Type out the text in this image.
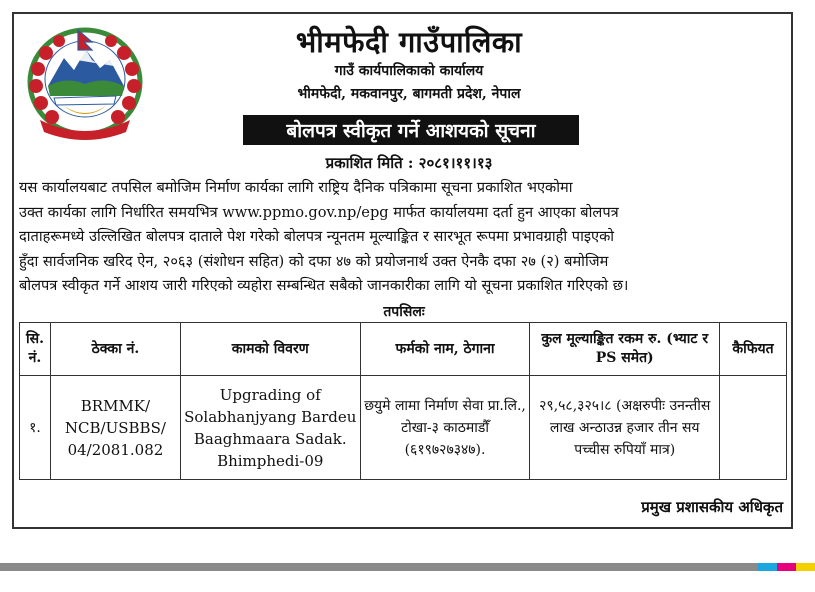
भीमफेदी गाउँपालिका
गाउँ कार्यपालिकाको कार्यालय
भीमफेदी, मकवानपुर, बागमती प्रदेश, नेपाल
बोलपत्र स्वीकृत गर्ने आशयको सूचना
प्रकाशित मिति : २०८१।११।१३
यस कार्यालयबाट तपसिल बमोजिम निर्माण कार्यका लागि राष्ट्रिय दैनिक पत्रिकामा सूचना प्रकाशित भएकोमा
उक्त कार्यका लागि निर्धारित समयभित्र www.ppmo.gov.np/epg मार्फत कार्यालयमा दर्ता हुन आएका बोलपत्र
दाताहरूमध्ये उल्लिखित बोलपत्र दाताले पेश गरेको बोलपत्र न्यूनतम मूल्याङ्कित र सारभूत रूपमा प्रभावग्राही पाइएको
हुँदा सार्वजनिक खरिद ऐन, २०६३ (संशोधन सहित) को दफा ४७ को प्रयोजनार्थ उक्त ऐनकै दफा २७ (२) बमोजिम
बोलपत्र स्वीकृत गर्ने आशय जारी गरिएको व्यहोरा सम्बन्धित सबैको जानकारीका लागि यो सूचना प्रकाशित गरिएको छ।
तपसिलः
सि. नं.	ठेक्का नं.	कामको विवरण	फर्मको नाम, ठेगाना	कुल मूल्याङ्कित रकम रु. (भ्याट र PS समेत)	कैफियत
१.	BRMMK/ NCB/USBBS/ 04/2081.082	Upgrading of Solabhanjyang Bardeu Baaghmaara Sadak. Bhimphedi-09	छयुमे लामा निर्माण सेवा प्रा.लि., टोखा-३ काठमाडौँ (६१९७२७३४७).	२९,५८,३२५।८ (अक्षरुपीः उनन्तीस लाख अन्ठाउन्न हजार तीन सय पच्चीस रुपियाँ मात्र)	
प्रमुख प्रशासकीय अधिकृत
